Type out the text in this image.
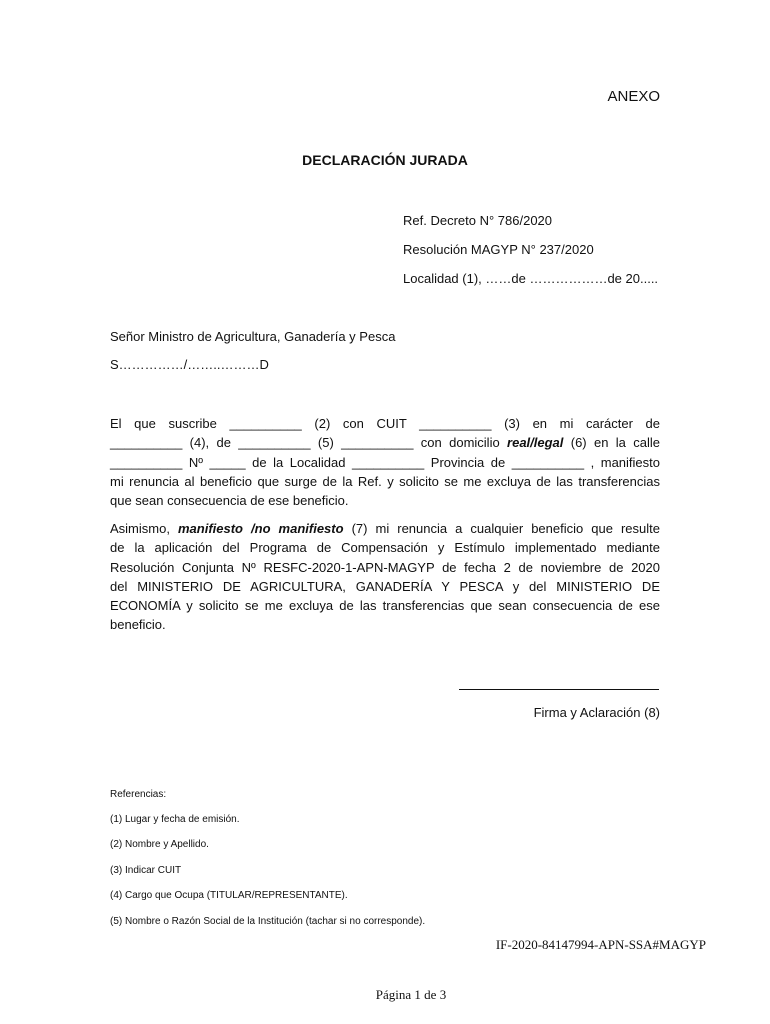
ANEXO
DECLARACIÓN JURADA
Ref. Decreto N° 786/2020
Resolución MAGYP N° 237/2020
Localidad (1), ……de ………………de 20.....
Señor Ministro de Agricultura, Ganadería y Pesca
S……………/……..………D
El que suscribe __________ (2) con CUIT __________ (3) en mi carácter de
__________ (4), de __________ (5) __________ con domicilio real/legal (6) en la calle
__________ Nº _____ de la Localidad __________ Provincia de __________ , manifiesto
mi renuncia al beneficio que surge de la Ref. y solicito se me excluya de las transferencias
que sean consecuencia de ese beneficio.
Asimismo, manifiesto /no manifiesto (7) mi renuncia a cualquier beneficio que resulte
de la aplicación del Programa de Compensación y Estímulo implementado mediante
Resolución Conjunta Nº RESFC-2020-1-APN-MAGYP de fecha 2 de noviembre de 2020
del MINISTERIO DE AGRICULTURA, GANADERÍA Y PESCA y del MINISTERIO DE
ECONOMÍA y solicito se me excluya de las transferencias que sean consecuencia de ese
beneficio.
Firma y Aclaración (8)
Referencias:
(1) Lugar y fecha de emisión.
(2) Nombre y Apellido.
(3) Indicar CUIT
(4) Cargo que Ocupa (TITULAR/REPRESENTANTE).
(5) Nombre o Razón Social de la Institución (tachar si no corresponde).
IF-2020-84147994-APN-SSA#MAGYP
Página 1 de 3
